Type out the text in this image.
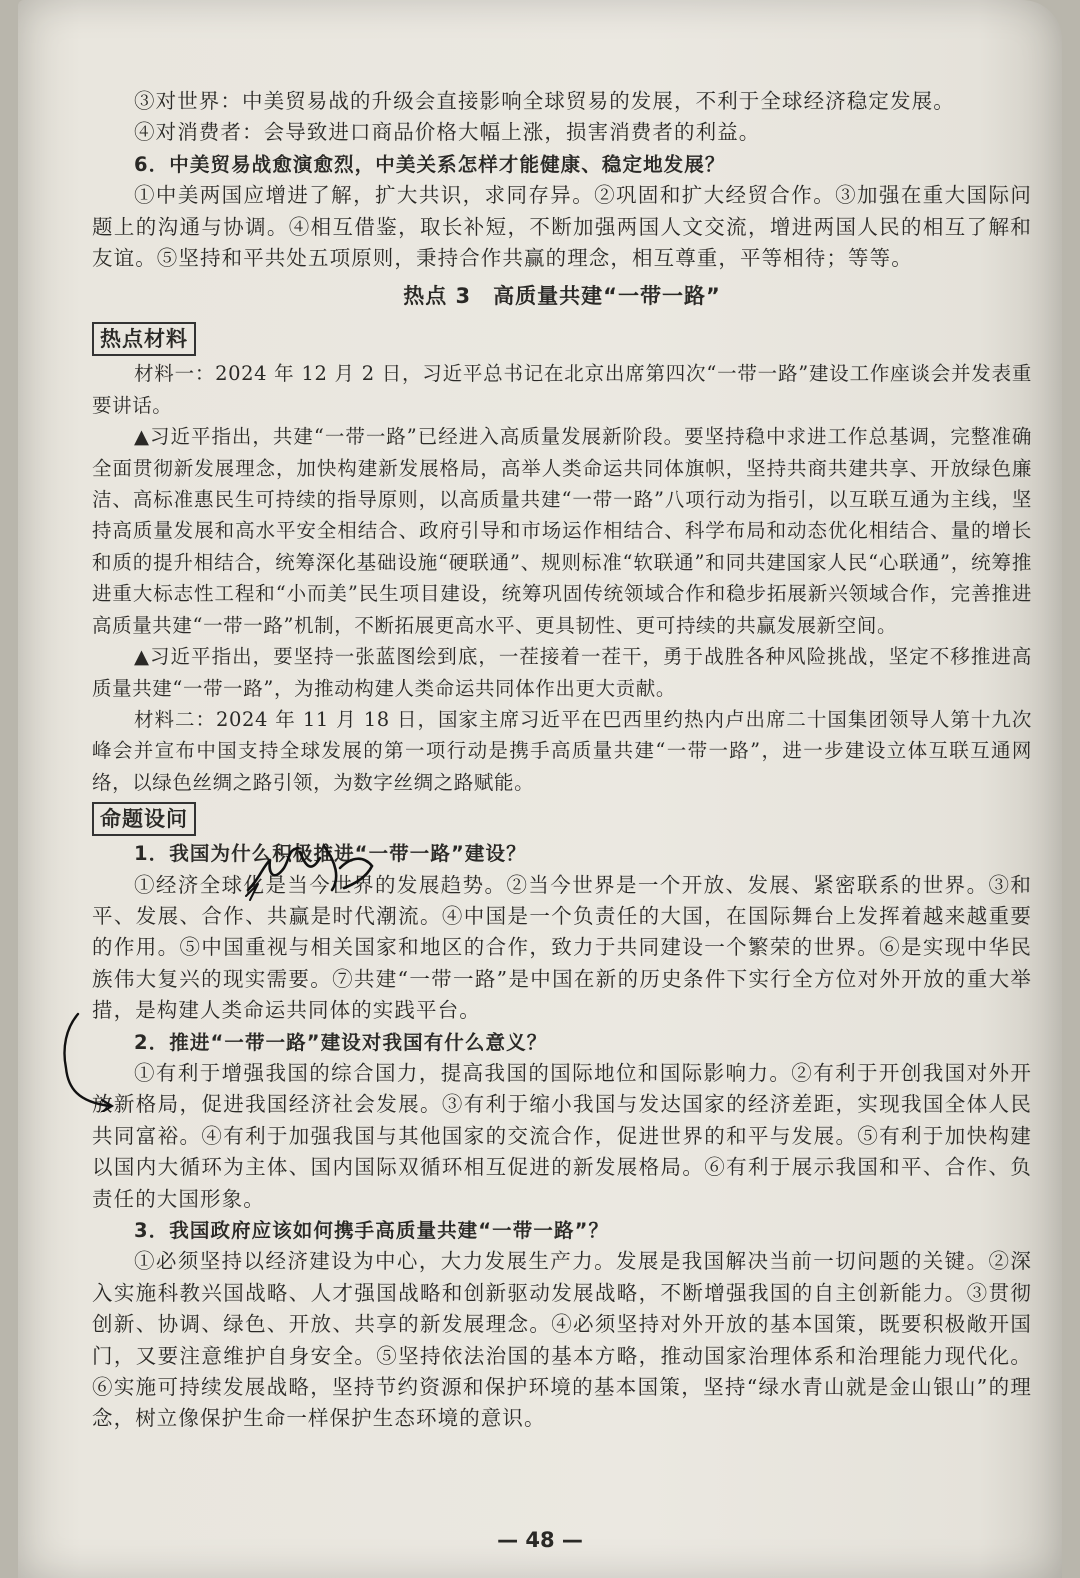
③对世界：中美贸易战的升级会直接影响全球贸易的发展，不利于全球经济稳定发展。

④对消费者：会导致进口商品价格大幅上涨，损害消费者的利益。

6．中美贸易战愈演愈烈，中美关系怎样才能健康、稳定地发展？

①中美两国应增进了解，扩大共识，求同存异。②巩固和扩大经贸合作。③加强在重大国际问题上的沟通与协调。④相互借鉴，取长补短，不断加强两国人文交流，增进两国人民的相互了解和友谊。⑤坚持和平共处五项原则，秉持合作共赢的理念，相互尊重，平等相待；等等。

热点 3　高质量共建“一带一路”
热点材料

材料一：2024 年 12 月 2 日，习近平总书记在北京出席第四次“一带一路”建设工作座谈会并发表重要讲话。

▲习近平指出，共建“一带一路”已经进入高质量发展新阶段。要坚持稳中求进工作总基调，完整准确全面贯彻新发展理念，加快构建新发展格局，高举人类命运共同体旗帜，坚持共商共建共享、开放绿色廉洁、高标准惠民生可持续的指导原则，以高质量共建“一带一路”八项行动为指引，以互联互通为主线，坚持高质量发展和高水平安全相结合、政府引导和市场运作相结合、科学布局和动态优化相结合、量的增长和质的提升相结合，统筹深化基础设施“硬联通”、规则标准“软联通”和同共建国家人民“心联通”，统筹推进重大标志性工程和“小而美”民生项目建设，统筹巩固传统领域合作和稳步拓展新兴领域合作，完善推进高质量共建“一带一路”机制，不断拓展更高水平、更具韧性、更可持续的共赢发展新空间。

▲习近平指出，要坚持一张蓝图绘到底，一茬接着一茬干，勇于战胜各种风险挑战，坚定不移推进高质量共建“一带一路”，为推动构建人类命运共同体作出更大贡献。

材料二：2024 年 11 月 18 日，国家主席习近平在巴西里约热内卢出席二十国集团领导人第十九次峰会并宣布中国支持全球发展的第一项行动是携手高质量共建“一带一路”，进一步建设立体互联互通网络，以绿色丝绸之路引领，为数字丝绸之路赋能。

命题设问

1．我国为什么积极推进“一带一路”建设？

①经济全球化是当今世界的发展趋势。②当今世界是一个开放、发展、紧密联系的世界。③和平、发展、合作、共赢是时代潮流。④中国是一个负责任的大国，在国际舞台上发挥着越来越重要的作用。⑤中国重视与相关国家和地区的合作，致力于共同建设一个繁荣的世界。⑥是实现中华民族伟大复兴的现实需要。⑦共建“一带一路”是中国在新的历史条件下实行全方位对外开放的重大举措，是构建人类命运共同体的实践平台。

2．推进“一带一路”建设对我国有什么意义？

①有利于增强我国的综合国力，提高我国的国际地位和国际影响力。②有利于开创我国对外开放新格局，促进我国经济社会发展。③有利于缩小我国与发达国家的经济差距，实现我国全体人民共同富裕。④有利于加强我国与其他国家的交流合作，促进世界的和平与发展。⑤有利于加快构建以国内大循环为主体、国内国际双循环相互促进的新发展格局。⑥有利于展示我国和平、合作、负责任的大国形象。

3．我国政府应该如何携手高质量共建“一带一路”？

①必须坚持以经济建设为中心，大力发展生产力。发展是我国解决当前一切问题的关键。②深入实施科教兴国战略、人才强国战略和创新驱动发展战略，不断增强我国的自主创新能力。③贯彻创新、协调、绿色、开放、共享的新发展理念。④必须坚持对外开放的基本国策，既要积极敞开国门，又要注意维护自身安全。⑤坚持依法治国的基本方略，推动国家治理体系和治理能力现代化。⑥实施可持续发展战略，坚持节约资源和保护环境的基本国策，坚持“绿水青山就是金山银山”的理念，树立像保护生命一样保护生态环境的意识。

— 48 —
